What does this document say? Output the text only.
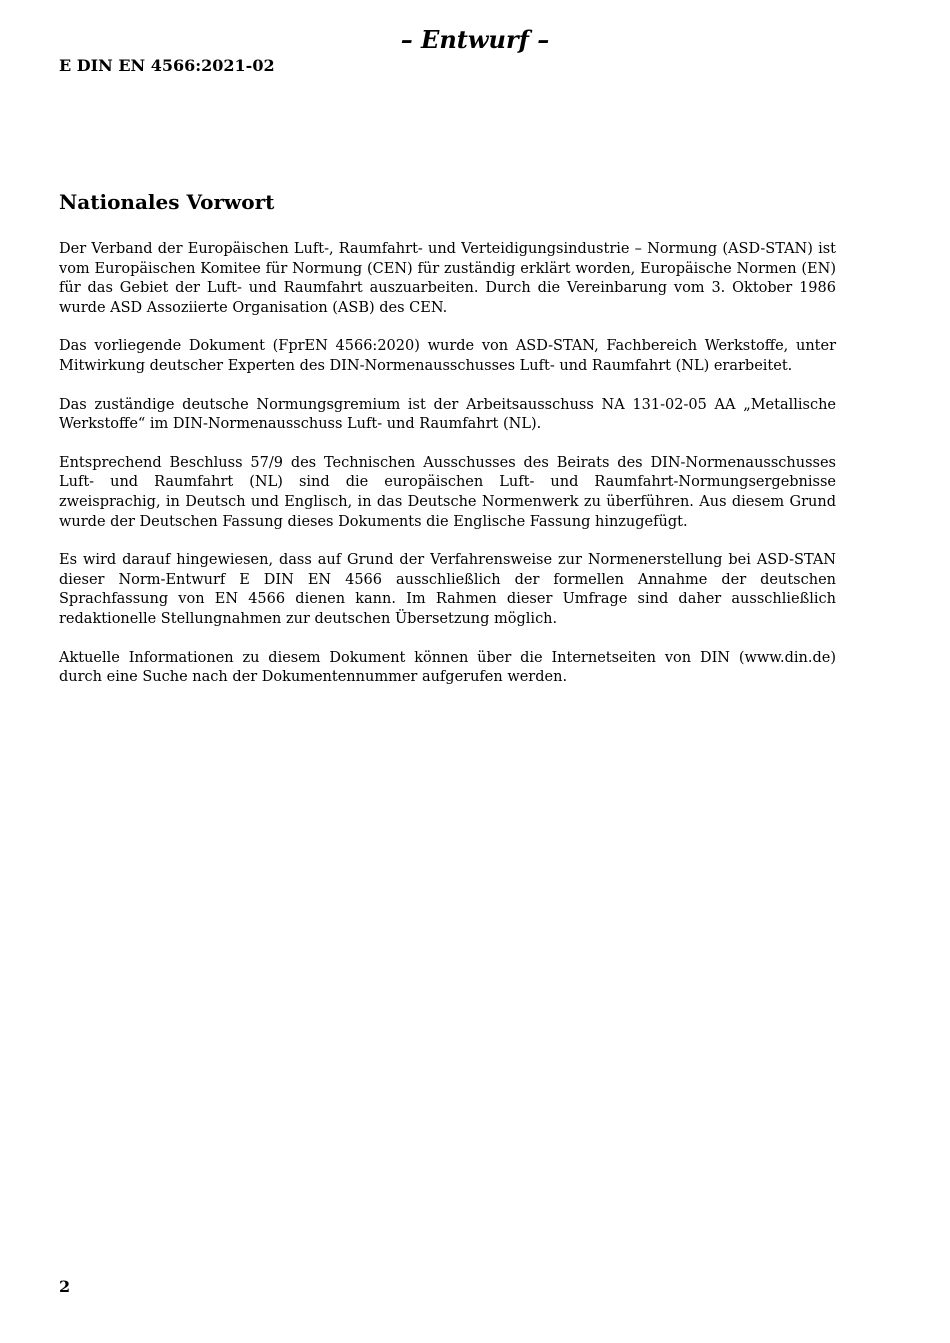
– Entwurf –
E DIN EN 4566:2021-02
Nationales Vorwort

Der Verband der Europäischen Luft-, Raumfahrt- und Verteidigungsindustrie – Normung (ASD-STAN) ist vom Europäischen Komitee für Normung (CEN) für zuständig erklärt worden, Europäische Normen (EN) für das Gebiet der Luft- und Raumfahrt auszuarbeiten. Durch die Vereinbarung vom 3. Oktober 1986 wurde ASD Assoziierte Organisation (ASB) des CEN.

Das vorliegende Dokument (FprEN 4566:2020) wurde von ASD-STAN, Fachbereich Werkstoffe, unter Mitwirkung deutscher Experten des DIN-Normenausschusses Luft- und Raumfahrt (NL) erarbeitet.

Das zuständige deutsche Normungsgremium ist der Arbeitsausschuss NA 131-02-05 AA „Metallische Werkstoffe“ im DIN-Normenausschuss Luft- und Raumfahrt (NL).

Entsprechend Beschluss 57/9 des Technischen Ausschusses des Beirats des DIN-Normenausschusses Luft- und Raumfahrt (NL) sind die europäischen Luft- und Raumfahrt-Normungsergebnisse zweisprachig, in Deutsch und Englisch, in das Deutsche Normenwerk zu überführen. Aus diesem Grund wurde der Deutschen Fassung dieses Dokuments die Englische Fassung hinzugefügt.

Es wird darauf hingewiesen, dass auf Grund der Verfahrensweise zur Normenerstellung bei ASD-STAN dieser Norm-Entwurf E DIN EN 4566 ausschließlich der formellen Annahme der deutschen Sprachfassung von EN 4566 dienen kann. Im Rahmen dieser Umfrage sind daher ausschließlich redaktionelle Stellungnahmen zur deutschen Übersetzung möglich.

Aktuelle Informationen zu diesem Dokument können über die Internetseiten von DIN (www.din.de) durch eine Suche nach der Dokumentennummer aufgerufen werden.

2
